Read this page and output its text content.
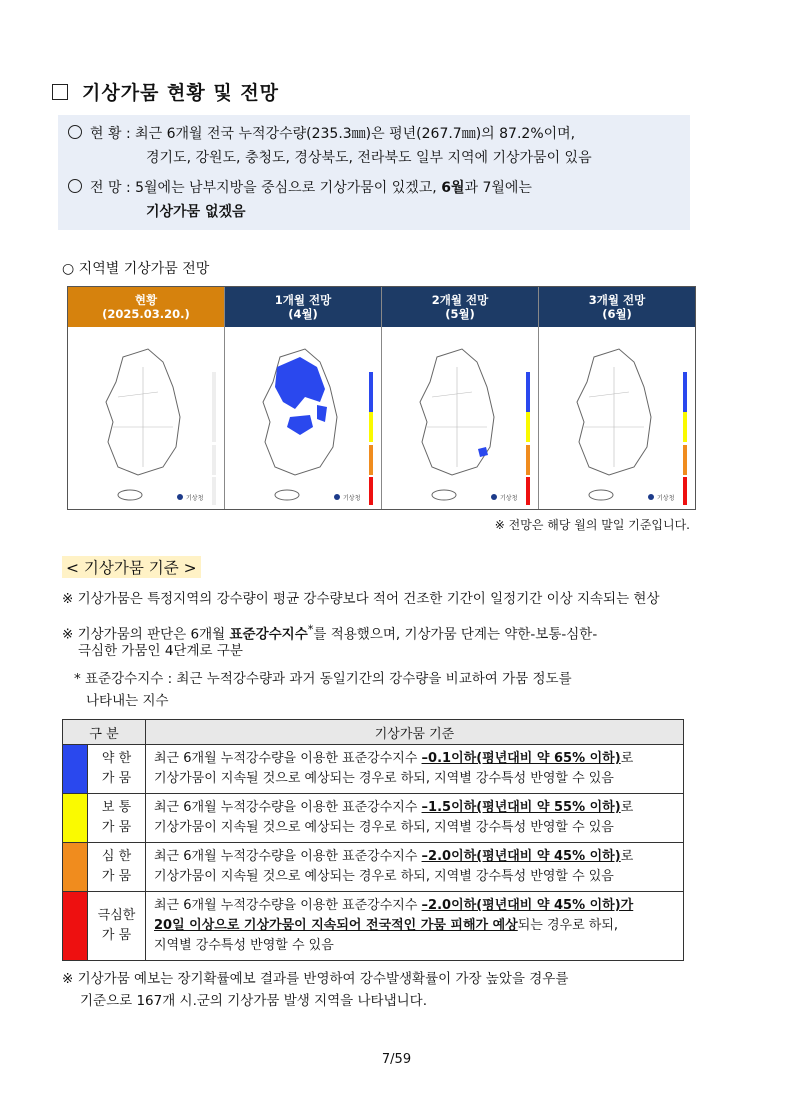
기상가뭄 현황 및 전망
현 황 : 최근 6개월 전국 누적강수량(235.3㎜)은 평년(267.7㎜)의 87.2%이며,
경기도, 강원도, 충청도, 경상북도, 전라북도 일부 지역에 기상가뭄이 있음
전 망 : 5월에는 남부지방을 중심으로 기상가뭄이 있겠고, 6월과 7월에는
기상가뭄 없겠음
○ 지역별 기상가뭄 전망
현황
(2025.03.20.)
기상청
1개월 전망
(4월)
기상청
2개월 전망
(5월)
기상청
3개월 전망
(6월)
기상청
※ 전망은 해당 월의 말일 기준입니다.
< 기상가뭄 기준 >
※ 기상가뭄은 특정지역의 강수량이 평균 강수량보다 적어 건조한 기간이 일정기간 이상 지속되는 현상
※ 기상가뭄의 판단은 6개월 표준강수지수*를 적용했으며, 기상가뭄 단계는 약한-보통-심한-
극심한 가뭄인 4단계로 구분
* 표준강수지수 : 최근 누적강수량과 과거 동일기간의 강수량을 비교하여 가뭄 정도를
나타내는 지수
구 분		기상가뭄 기준
	약 한
가 뭄	최근 6개월 누적강수량을 이용한 표준강수지수 –0.1이하(평년대비 약 65% 이하)로
기상가뭄이 지속될 것으로 예상되는 경우로 하되, 지역별 강수특성 반영할 수 있음
	보 통
가 뭄	최근 6개월 누적강수량을 이용한 표준강수지수 –1.5이하(평년대비 약 55% 이하)로
기상가뭄이 지속될 것으로 예상되는 경우로 하되, 지역별 강수특성 반영할 수 있음
	심 한
가 뭄	최근 6개월 누적강수량을 이용한 표준강수지수 –2.0이하(평년대비 약 45% 이하)로
기상가뭄이 지속될 것으로 예상되는 경우로 하되, 지역별 강수특성 반영할 수 있음
	극심한
가 뭄	최근 6개월 누적강수량을 이용한 표준강수지수 –2.0이하(평년대비 약 45% 이하)가
20일 이상으로 기상가뭄이 지속되어 전국적인 가뭄 피해가 예상되는 경우로 하되,
지역별 강수특성 반영할 수 있음
※ 기상가뭄 예보는 장기확률예보 결과를 반영하여 강수발생확률이 가장 높았을 경우를
기준으로 167개 시.군의 기상가뭄 발생 지역을 나타냅니다.
7/59
